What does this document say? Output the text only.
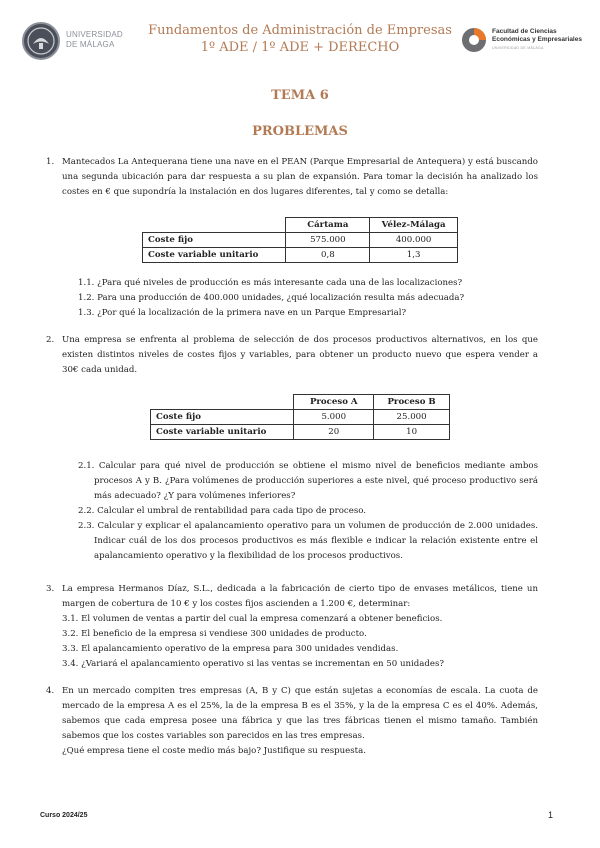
UNIVERSIDAD
DE MÁLAGA
Fundamentos de Administración de Empresas
1º ADE / 1º ADE + DERECHO
Facultad de Ciencias
Económicas y Empresariales
UNIVERSIDAD DE MÁLAGA
TEMA 6
PROBLEMAS
1. Mantecados La Antequerana tiene una nave en el PEAN (Parque Empresarial de Antequera) y está buscando una segunda ubicación para dar respuesta a su plan de expansión. Para tomar la decisión ha analizado los costes en € que supondría la instalación en dos lugares diferentes, tal y como se detalla:
	Cártama	Vélez-Málaga
Coste fijo	575.000	400.000
Coste variable unitario	0,8	1,3
1.1. ¿Para qué niveles de producción es más interesante cada una de las localizaciones?
1.2. Para una producción de 400.000 unidades, ¿qué localización resulta más adecuada?
1.3. ¿Por qué la localización de la primera nave en un Parque Empresarial?
2. Una empresa se enfrenta al problema de selección de dos procesos productivos alternativos, en los que existen distintos niveles de costes fijos y variables, para obtener un producto nuevo que espera vender a 30€ cada unidad.
	Proceso A	Proceso B
Coste fijo	5.000	25.000
Coste variable unitario	20	10
2.1. Calcular para qué nivel de producción se obtiene el mismo nivel de beneficios mediante ambos procesos A y B. ¿Para volúmenes de producción superiores a este nivel, qué proceso productivo será más adecuado? ¿Y para volúmenes inferiores?
2.2. Calcular el umbral de rentabilidad para cada tipo de proceso.
2.3. Calcular y explicar el apalancamiento operativo para un volumen de producción de 2.000 unidades. Indicar cuál de los dos procesos productivos es más flexible e indicar la relación existente entre el apalancamiento operativo y la flexibilidad de los procesos productivos.
3. La empresa Hermanos Díaz, S.L., dedicada a la fabricación de cierto tipo de envases metálicos, tiene un margen de cobertura de 10 € y los costes fijos ascienden a 1.200 €, determinar:
3.1. El volumen de ventas a partir del cual la empresa comenzará a obtener beneficios.
3.2. El beneficio de la empresa si vendiese 300 unidades de producto.
3.3. El apalancamiento operativo de la empresa para 300 unidades vendidas.
3.4. ¿Variará el apalancamiento operativo si las ventas se incrementan en 50 unidades?
4. En un mercado compiten tres empresas (A, B y C) que están sujetas a economías de escala. La cuota de mercado de la empresa A es el 25%, la de la empresa B es el 35%, y la de la empresa C es el 40%. Además, sabemos que cada empresa posee una fábrica y que las tres fábricas tienen el mismo tamaño. También sabemos que los costes variables son parecidos en las tres empresas.
¿Qué empresa tiene el coste medio más bajo? Justifique su respuesta.
Curso 2024/25	1
